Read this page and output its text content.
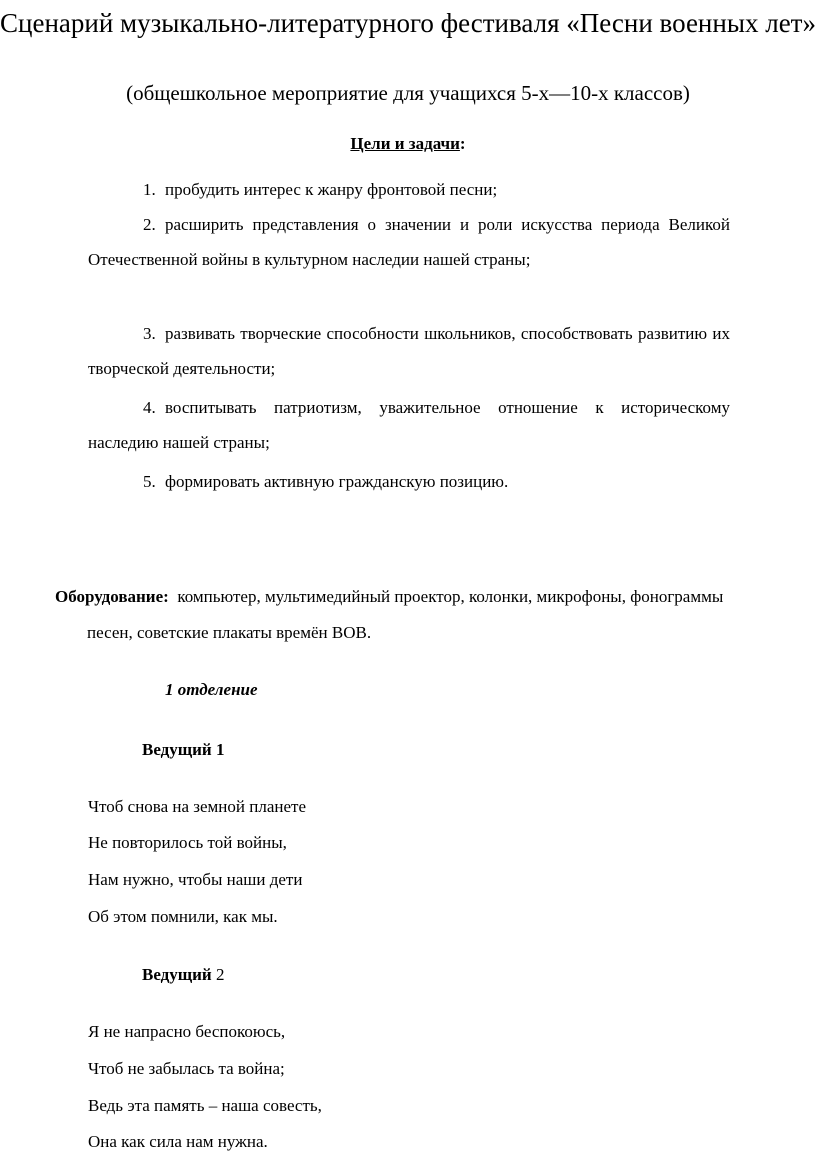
Сценарий музыкально-литературного фестиваля «Песни военных лет»

(общешкольное мероприятие для учащихся 5-х—10-х классов)

Цели и задачи:

1. пробудить интерес к жанру фронтовой песни;

2. расширить представления о значении и роли искусства периода Великой Отечественной войны в культурном наследии нашей страны;

3. развивать творческие способности школьников, способствовать развитию их творческой деятельности;

4. воспитывать патриотизм, уважительное отношение к историческому наследию нашей страны;

5. формировать активную гражданскую позицию.

Оборудование: компьютер, мультимедийный проектор, колонки, микрофоны, фонограммы песен, советские плакаты времён ВОВ.

1 отделение

Ведущий 1

Чтоб снова на земной планете

Не повторилось той войны,

Нам нужно, чтобы наши дети

Об этом помнили, как мы.

Ведущий 2

Я не напрасно беспокоюсь,

Чтоб не забылась та война;

Ведь эта память – наша совесть,

Она как сила нам нужна.
